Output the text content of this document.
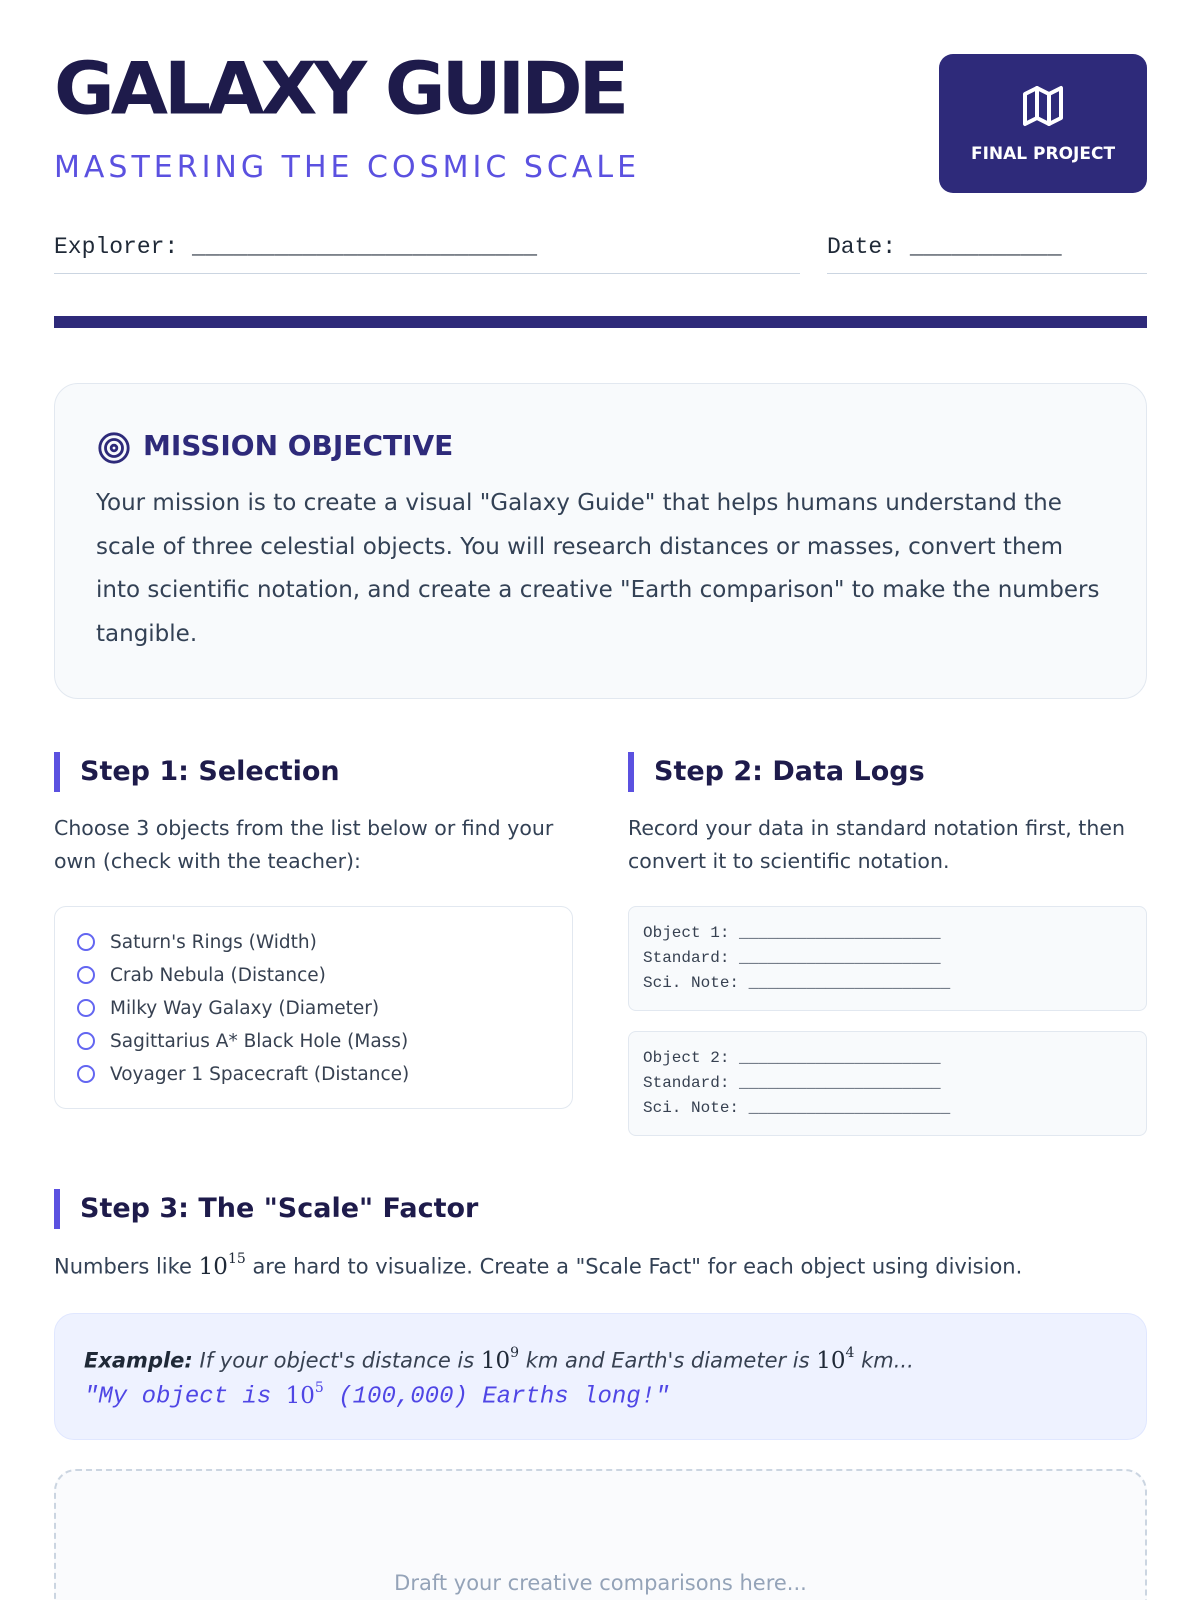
GALAXY GUIDE
MASTERING THE COSMIC SCALE	FINAL PROJECT
Explorer: _________________________	Date: ___________
MISSION OBJECTIVE
Your mission is to create a visual "Galaxy Guide" that helps humans understand the scale of three celestial objects. You will research distances or masses, convert them into scientific notation, and create a creative "Earth comparison" to make the numbers tangible.
Step 1: Selection
Choose 3 objects from the list below or find your own (check with the teacher):
Saturn's Rings (Width)
Crab Nebula (Distance)
Milky Way Galaxy (Diameter)
Sagittarius A* Black Hole (Mass)
Voyager 1 Spacecraft (Distance)
Step 2: Data Logs
Record your data in standard notation first, then convert it to scientific notation.
Object 1: _____________________
Standard: _____________________
Sci. Note: _____________________
Object 2: _____________________
Standard: _____________________
Sci. Note: _____________________
Step 3: The "Scale" Factor
Numbers like $10^{15}$ are hard to visualize. Create a "Scale Fact" for each object using division.
Example: If your object's distance is $10^9$ km and Earth's diameter is $10^4$ km...
"My object is $10^5$ (100,000) Earths long!"
Draft your creative comparisons here...
